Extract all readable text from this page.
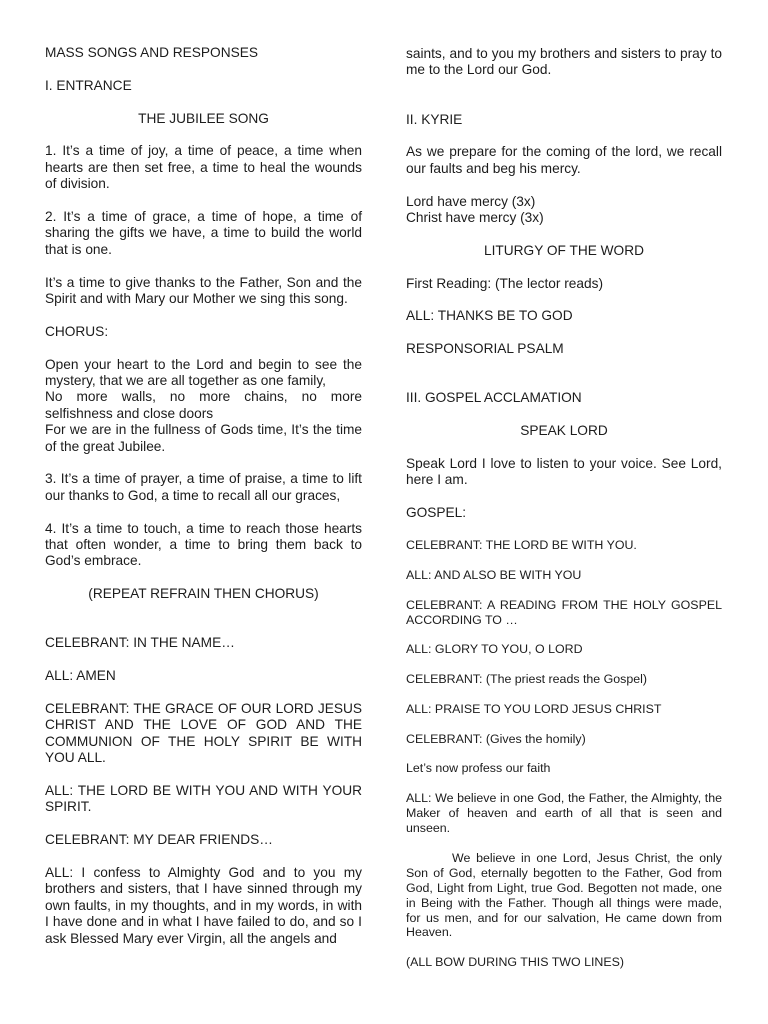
MASS SONGS AND RESPONSES

I. ENTRANCE

THE JUBILEE SONG

1. It’s a time of joy, a time of peace, a time when hearts are then set free, a time to heal the wounds of division.

2. It’s a time of grace, a time of hope, a time of sharing the gifts we have, a time to build the world that is one.

It’s a time to give thanks to the Father, Son and the Spirit and with Mary our Mother we sing this song.

CHORUS:

Open your heart to the Lord and begin to see the mystery, that we are all together as one family,
No more walls, no more chains, no more selfishness and close doors
For we are in the fullness of Gods time, It’s the time of the great Jubilee.

3. It’s a time of prayer, a time of praise, a time to lift our thanks to God, a time to recall all our graces,

4. It’s a time to touch, a time to reach those hearts that often wonder, a time to bring them back to God’s embrace.

(REPEAT REFRAIN THEN CHORUS)

CELEBRANT: IN THE NAME…

ALL: AMEN

CELEBRANT: THE GRACE OF OUR LORD JESUS CHRIST AND THE LOVE OF GOD AND THE COMMUNION OF THE HOLY SPIRIT BE WITH YOU ALL.

ALL: THE LORD BE WITH YOU AND WITH YOUR SPIRIT.

CELEBRANT: MY DEAR FRIENDS…

ALL: I confess to Almighty God and to you my brothers and sisters, that I have sinned through my own faults, in my thoughts, and in my words, in with I have done and in what I have failed to do, and so I ask Blessed Mary ever Virgin, all the angels and

saints, and to you my brothers and sisters to pray to me to the Lord our God.

II. KYRIE

As we prepare for the coming of the lord, we recall our faults and beg his mercy.

Lord have mercy (3x)
Christ have mercy (3x)

LITURGY OF THE WORD

First Reading: (The lector reads)

ALL: THANKS BE TO GOD

RESPONSORIAL PSALM

III. GOSPEL ACCLAMATION

SPEAK LORD

Speak Lord I love to listen to your voice. See Lord, here I am.

GOSPEL:

CELEBRANT: THE LORD BE WITH YOU.

ALL: AND ALSO BE WITH YOU

CELEBRANT: A READING FROM THE HOLY GOSPEL ACCORDING TO …

ALL: GLORY TO YOU, O LORD

CELEBRANT: (The priest reads the Gospel)

ALL: PRAISE TO YOU LORD JESUS CHRIST

CELEBRANT: (Gives the homily)

Let’s now profess our faith

ALL: We believe in one God, the Father, the Almighty, the Maker of heaven and earth of all that is seen and unseen.

We believe in one Lord, Jesus Christ, the only Son of God, eternally begotten to the Father, God from God, Light from Light, true God. Begotten not made, one in Being with the Father. Though all things were made, for us men, and for our salvation, He came down from Heaven.

(ALL BOW DURING THIS TWO LINES)
